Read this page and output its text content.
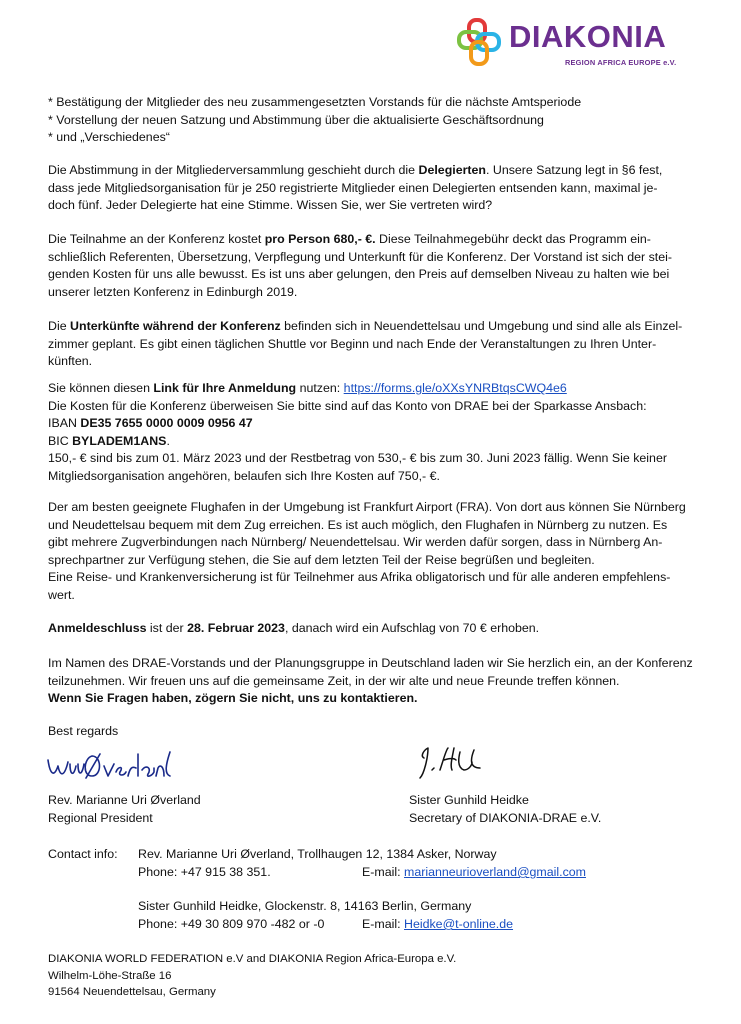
DIAKONIA
REGION AFRICA EUROPE e.V.
* Bestätigung der Mitglieder des neu zusammengesetzten Vorstands für die nächste Amtsperiode
* Vorstellung der neuen Satzung und Abstimmung über die aktualisierte Geschäftsordnung
* und „Verschiedenes“
Die Abstimmung in der Mitgliederversammlung geschieht durch die Delegierten. Unsere Satzung legt in §6 fest,
dass jede Mitgliedsorganisation für je 250 registrierte Mitglieder einen Delegierten entsenden kann, maximal je-
doch fünf. Jeder Delegierte hat eine Stimme. Wissen Sie, wer Sie vertreten wird?
Die Teilnahme an der Konferenz kostet pro Person 680,- €. Diese Teilnahmegebühr deckt das Programm ein-
schließlich Referenten, Übersetzung, Verpflegung und Unterkunft für die Konferenz. Der Vorstand ist sich der stei-
genden Kosten für uns alle bewusst. Es ist uns aber gelungen, den Preis auf demselben Niveau zu halten wie bei
unserer letzten Konferenz in Edinburgh 2019.
Die Unterkünfte während der Konferenz befinden sich in Neuendettelsau und Umgebung und sind alle als Einzel-
zimmer geplant. Es gibt einen täglichen Shuttle vor Beginn und nach Ende der Veranstaltungen zu Ihren Unter-
künften.
Sie können diesen Link für Ihre Anmeldung nutzen: https://forms.gle/oXXsYNRBtqsCWQ4e6
Die Kosten für die Konferenz überweisen Sie bitte sind auf das Konto von DRAE bei der Sparkasse Ansbach:
IBAN DE35 7655 0000 0009 0956 47
BIC BYLADEM1ANS.
150,- € sind bis zum 01. März 2023 und der Restbetrag von 530,- € bis zum 30. Juni 2023 fällig. Wenn Sie keiner
Mitgliedsorganisation angehören, belaufen sich Ihre Kosten auf 750,- €.
Der am besten geeignete Flughafen in der Umgebung ist Frankfurt Airport (FRA). Von dort aus können Sie Nürnberg
und Neudettelsau bequem mit dem Zug erreichen. Es ist auch möglich, den Flughafen in Nürnberg zu nutzen. Es
gibt mehrere Zugverbindungen nach Nürnberg/ Neuendettelsau. Wir werden dafür sorgen, dass in Nürnberg An-
sprechpartner zur Verfügung stehen, die Sie auf dem letzten Teil der Reise begrüßen und begleiten.
Eine Reise- und Krankenversicherung ist für Teilnehmer aus Afrika obligatorisch und für alle anderen empfehlens-
wert.
Anmeldeschluss ist der 28. Februar 2023, danach wird ein Aufschlag von 70 € erhoben.
Im Namen des DRAE-Vorstands und der Planungsgruppe in Deutschland laden wir Sie herzlich ein, an der Konferenz
teilzunehmen. Wir freuen uns auf die gemeinsame Zeit, in der wir alte und neue Freunde treffen können.
Wenn Sie Fragen haben, zögern Sie nicht, uns zu kontaktieren.
Best regards
Rev. Marianne Uri Øverland
Regional President
Sister Gunhild Heidke
Secretary of DIAKONIA-DRAE e.V.
Contact info: Rev. Marianne Uri Øverland, Trollhaugen 12, 1384 Asker, Norway
Phone: +47 915 38 351.	E-mail: marianneurioverland@gmail.com
Sister Gunhild Heidke, Glockenstr. 8, 14163 Berlin, Germany
Phone: +49 30 809 970 -482 or -0	E-mail: Heidke@t-online.de
DIAKONIA WORLD FEDERATION e.V and DIAKONIA Region Africa-Europa e.V.
Wilhelm-Löhe-Straße 16
91564 Neuendettelsau, Germany
